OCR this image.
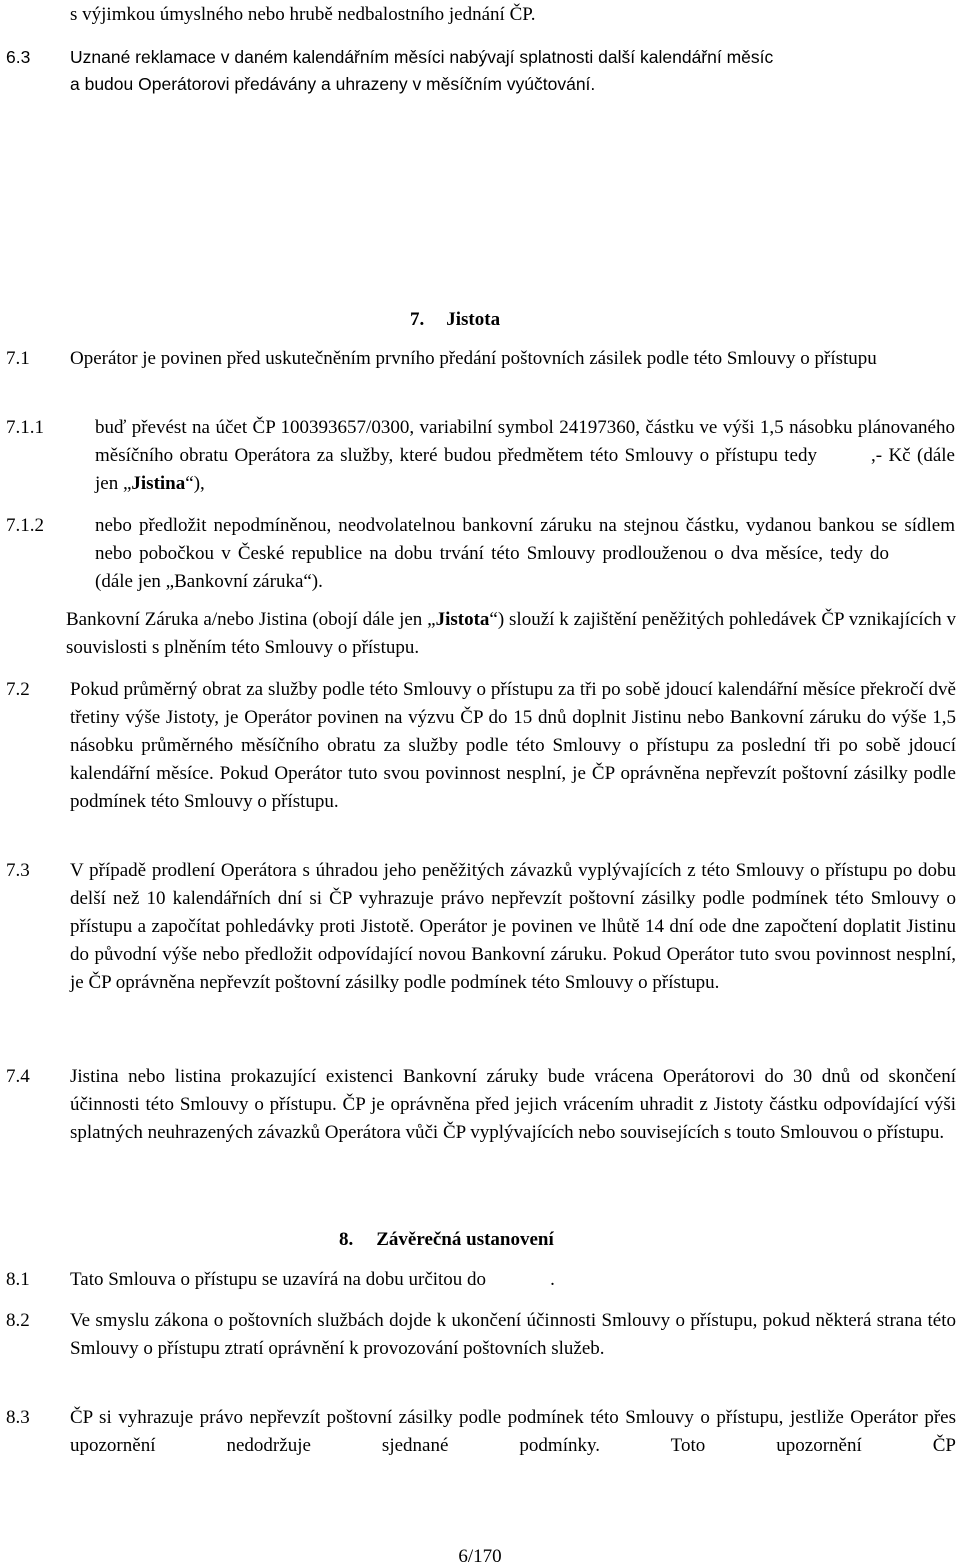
s výjimkou úmyslného nebo hrubě nedbalostního jednání ČP.
6.3 Uznané reklamace v daném kalendářním měsíci nabývají splatnosti další kalendářní měsíc
a budou Operátorovi předávány a uhrazeny v měsíčním vyúčtování.
7. Jistota
7.1 Operátor je povinen před uskutečněním prvního předání poštovních zásilek podle této Smlouvy o přístupu
7.1.1	buď převést na účet ČP 100393657/0300, variabilní symbol 24197360, částku ve výši 1,5 násobku plánovaného měsíčního obratu Operátora za služby, které budou předmětem této Smlouvy o přístupu tedy	,- Kč (dále jen „Jistina“),
7.1.2	nebo předložit nepodmíněnou, neodvolatelnou bankovní záruku na stejnou částku, vydanou bankou se sídlem nebo pobočkou v České republice na dobu trvání této Smlouvy prodlouženou o dva měsíce, tedy do(dále jen „Bankovní záruka“).
Bankovní Záruka a/nebo Jistina (obojí dále jen „Jistota“) slouží k zajištění peněžitých pohledávek ČP vznikajících v souvislosti s plněním této Smlouvy o přístupu.
7.2 Pokud průměrný obrat za služby podle této Smlouvy o přístupu za tři po sobě jdoucí kalendářní měsíce překročí dvě třetiny výše Jistoty, je Operátor povinen na výzvu ČP do 15 dnů doplnit Jistinu nebo Bankovní záruku do výše 1,5 násobku průměrného měsíčního obratu za služby podle této Smlouvy o přístupu za poslední tři po sobě jdoucí kalendářní měsíce. Pokud Operátor tuto svou povinnost nesplní, je ČP oprávněna nepřevzít poštovní zásilky podle podmínek této Smlouvy o přístupu.
7.3 V případě prodlení Operátora s úhradou jeho peněžitých závazků vyplývajících z této Smlouvy o přístupu po dobu delší než 10 kalendářních dní si ČP vyhrazuje právo nepřevzít poštovní zásilky podle podmínek této Smlouvy o přístupu a započítat pohledávky proti Jistotě. Operátor je povinen ve lhůtě 14 dní ode dne započtení doplatit Jistinu do původní výše nebo předložit odpovídající novou Bankovní záruku. Pokud Operátor tuto svou povinnost nesplní, je ČP oprávněna nepřevzít poštovní zásilky podle podmínek této Smlouvy o přístupu.
7.4 Jistina nebo listina prokazující existenci Bankovní záruky bude vrácena Operátorovi do 30 dnů od skončení účinnosti této Smlouvy o přístupu. ČP je oprávněna před jejich vrácením uhradit z Jistoty částku odpovídající výši splatných neuhrazených závazků Operátora vůči ČP vyplývajících nebo souvisejících s touto Smlouvou o přístupu.
8. Závěrečná ustanovení
8.1 Tato Smlouva o přístupu se uzavírá na dobu určitou do	.
8.2 Ve smyslu zákona o poštovních službách dojde k ukončení účinnosti Smlouvy o přístupu, pokud některá strana této Smlouvy o přístupu ztratí oprávnění k provozování poštovních služeb.
8.3 ČP si vyhrazuje právo nepřevzít poštovní zásilky podle podmínek této Smlouvy o přístupu, jestliže Operátor přes upozornění nedodržuje sjednané podmínky. Toto upozornění ČP
6/170
